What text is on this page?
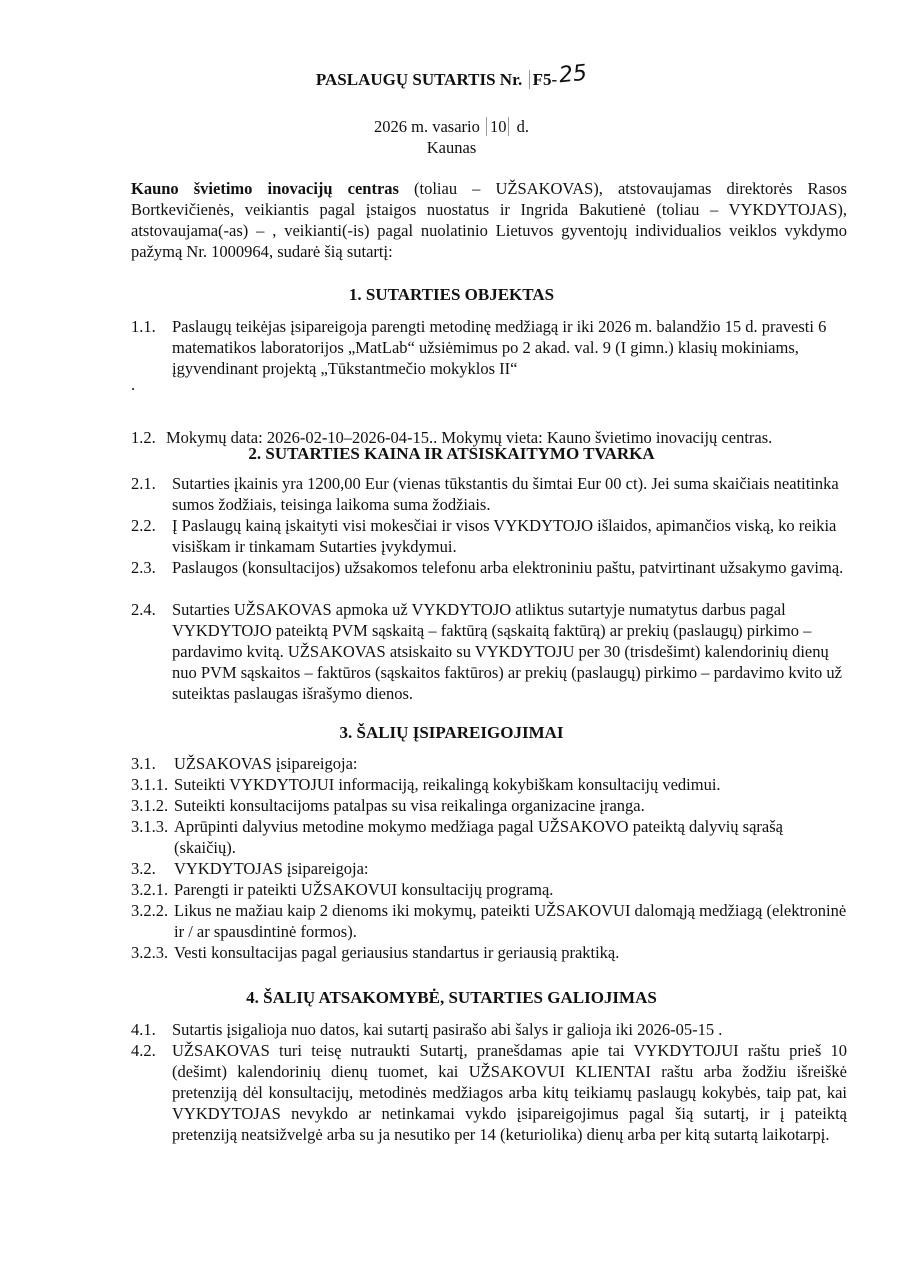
PASLAUGŲ SUTARTIS Nr. F5-25
2026 m. vasario 10 d.
Kaunas
Kauno švietimo inovacijų centras (toliau – UŽSAKOVAS), atstovaujamas direktorės Rasos Bortkevičienės, veikiantis pagal įstaigos nuostatus ir Ingrida Bakutienė (toliau – VYKDYTOJAS), atstovaujama(-as) – , veikianti(-is) pagal nuolatinio Lietuvos gyventojų individualios veiklos vykdymo pažymą Nr. 1000964, sudarė šią sutartį:
1. SUTARTIES OBJEKTAS
1.1. Paslaugų teikėjas įsipareigoja parengti metodinę medžiagą ir iki 2026 m. balandžio 15 d. pravesti 6 matematikos laboratorijos „MatLab“ užsiėmimus po 2 akad. val. 9 (I gimn.) klasių mokiniams, įgyvendinant projektą „Tūkstantmečio mokyklos II“
.
1.2. Mokymų data: 2026-02-10–2026-04-15.. Mokymų vieta: Kauno švietimo inovacijų centras.
2. SUTARTIES KAINA IR ATSISKAITYMO TVARKA
2.1. Sutarties įkainis yra 1200,00 Eur (vienas tūkstantis du šimtai Eur 00 ct). Jei suma skaičiais neatitinka sumos žodžiais, teisinga laikoma suma žodžiais.
2.2. Į Paslaugų kainą įskaityti visi mokesčiai ir visos VYKDYTOJO išlaidos, apimančios viską, ko reikia visiškam ir tinkamam Sutarties įvykdymui.
2.3. Paslaugos (konsultacijos) užsakomos telefonu arba elektroniniu paštu, patvirtinant užsakymo gavimą.
2.4. Sutarties UŽSAKOVAS apmoka už VYKDYTOJO atliktus sutartyje numatytus darbus pagal VYKDYTOJO pateiktą PVM sąskaitą – faktūrą (sąskaitą faktūrą) ar prekių (paslaugų) pirkimo – pardavimo kvitą. UŽSAKOVAS atsiskaito su VYKDYTOJU per 30 (trisdešimt) kalendorinių dienų nuo PVM sąskaitos – faktūros (sąskaitos faktūros) ar prekių (paslaugų) pirkimo – pardavimo kvito už suteiktas paslaugas išrašymo dienos.
3. ŠALIŲ ĮSIPAREIGOJIMAI
3.1. UŽSAKOVAS įsipareigoja:
3.1.1. Suteikti VYKDYTOJUI informaciją, reikalingą kokybiškam konsultacijų vedimui.
3.1.2. Suteikti konsultacijoms patalpas su visa reikalinga organizacine įranga.
3.1.3. Aprūpinti dalyvius metodine mokymo medžiaga pagal UŽSAKOVO pateiktą dalyvių sąrašą (skaičių).
3.2. VYKDYTOJAS įsipareigoja:
3.2.1. Parengti ir pateikti UŽSAKOVUI konsultacijų programą.
3.2.2. Likus ne mažiau kaip 2 dienoms iki mokymų, pateikti UŽSAKOVUI dalomąją medžiagą (elektroninė ir / ar spausdintinė formos).
3.2.3. Vesti konsultacijas pagal geriausius standartus ir geriausią praktiką.
4. ŠALIŲ ATSAKOMYBĖ, SUTARTIES GALIOJIMAS
4.1. Sutartis įsigalioja nuo datos, kai sutartį pasirašo abi šalys ir galioja iki 2026-05-15 .
4.2. UŽSAKOVAS turi teisę nutraukti Sutartį, pranešdamas apie tai VYKDYTOJUI raštu prieš 10 (dešimt) kalendorinių dienų tuomet, kai UŽSAKOVUI KLIENTAI raštu arba žodžiu išreiškė pretenziją dėl konsultacijų, metodinės medžiagos arba kitų teikiamų paslaugų kokybės, taip pat, kai VYKDYTOJAS nevykdo ar netinkamai vykdo įsipareigojimus pagal šią sutartį, ir į pateiktą pretenziją neatsižvelgė arba su ja nesutiko per 14 (keturiolika) dienų arba per kitą sutartą laikotarpį.
